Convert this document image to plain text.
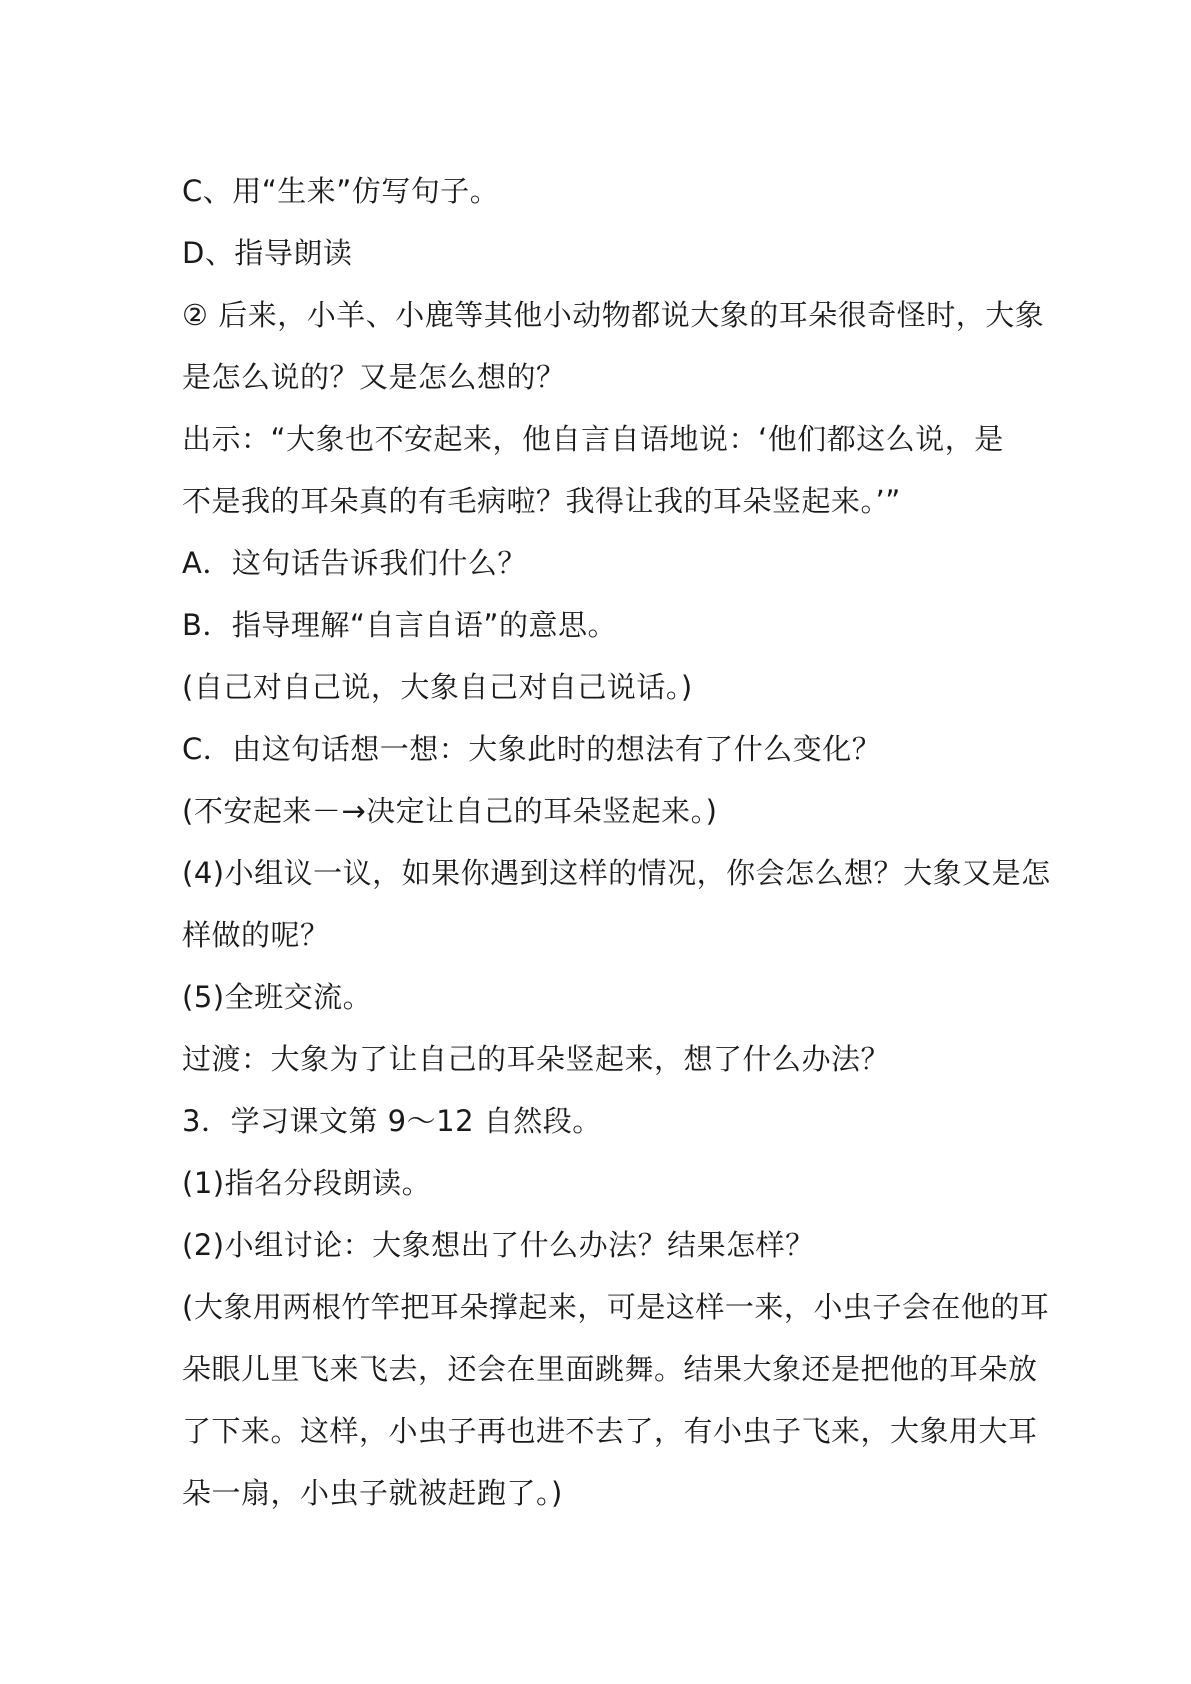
C、用“生来”仿写句子。
D、指导朗读
② 后来，小羊、小鹿等其他小动物都说大象的耳朵很奇怪时，大象
是怎么说的？又是怎么想的？
出示：“大象也不安起来，他自言自语地说：‘他们都这么说，是
不是我的耳朵真的有毛病啦？我得让我的耳朵竖起来。’”
A．这句话告诉我们什么？
B．指导理解“自言自语”的意思。
(自己对自己说，大象自己对自己说话。)
C．由这句话想一想：大象此时的想法有了什么变化？
(不安起来－→决定让自己的耳朵竖起来。)
(4)小组议一议，如果你遇到这样的情况，你会怎么想？大象又是怎
样做的呢？
(5)全班交流。
过渡：大象为了让自己的耳朵竖起来，想了什么办法？
3．学习课文第 9～12 自然段。
(1)指名分段朗读。
(2)小组讨论：大象想出了什么办法？结果怎样？
(大象用两根竹竿把耳朵撑起来，可是这样一来，小虫子会在他的耳
朵眼儿里飞来飞去，还会在里面跳舞。结果大象还是把他的耳朵放
了下来。这样，小虫子再也进不去了，有小虫子飞来，大象用大耳
朵一扇，小虫子就被赶跑了。)
